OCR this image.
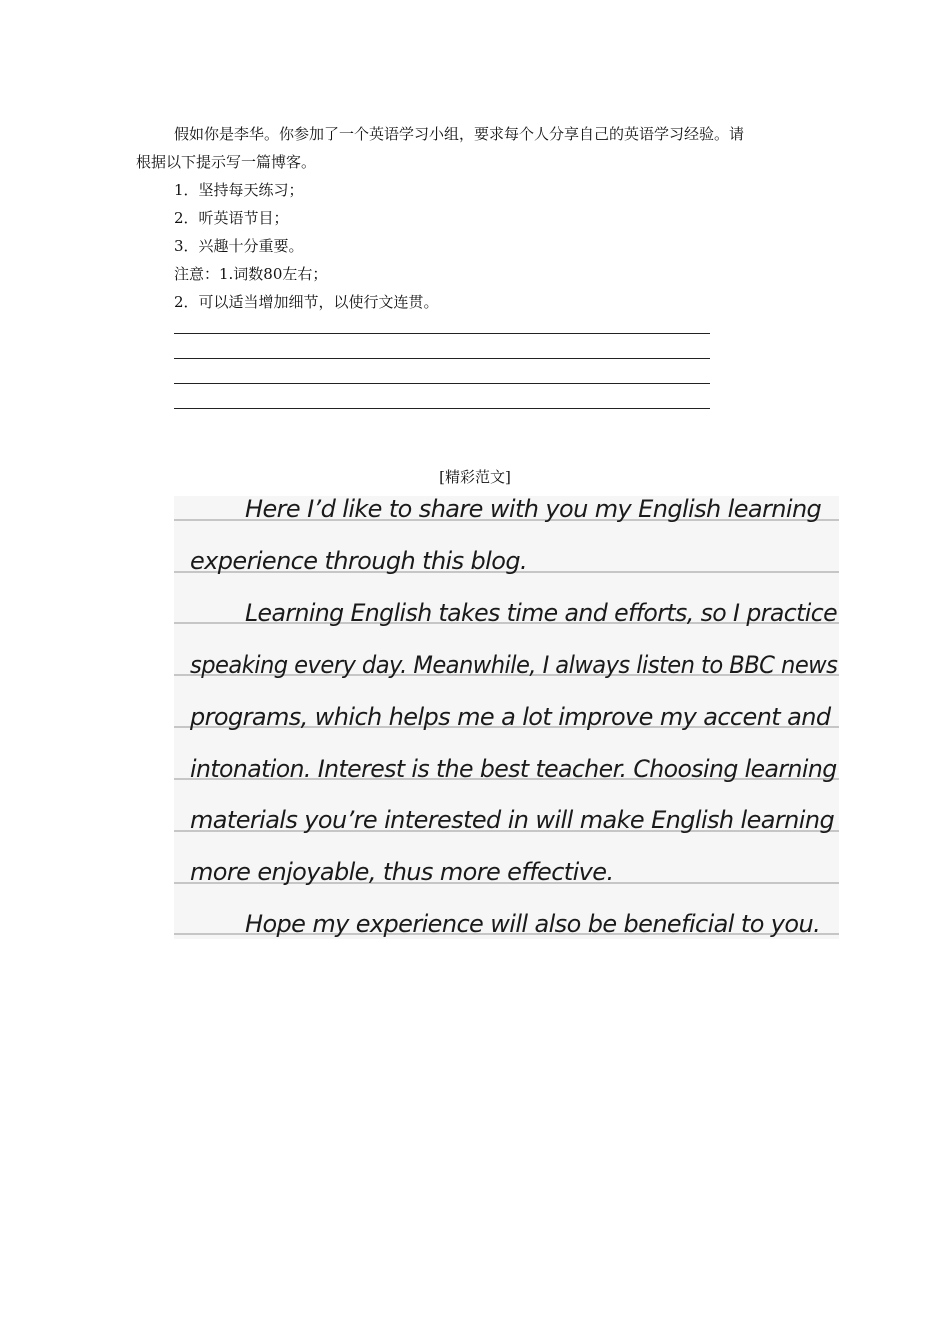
假如你是李华。你参加了一个英语学习小组，要求每个人分享自己的英语学习经验。请

根据以下提示写一篇博客。

1．坚持每天练习；

2．听英语节目；

3．兴趣十分重要。

注意：1.词数80左右；

2．可以适当增加细节，以使行文连贯。

[精彩范文]
Here I’d like to share with you my English learning
experience through this blog.
Learning English takes time and efforts, so I practice
speaking every day. Meanwhile, I always listen to BBC news
programs, which helps me a lot improve my accent and
intonation. Interest is the best teacher. Choosing learning
materials you’re interested in will make English learning
more enjoyable, thus more effective.
Hope my experience will also be beneficial to you.
